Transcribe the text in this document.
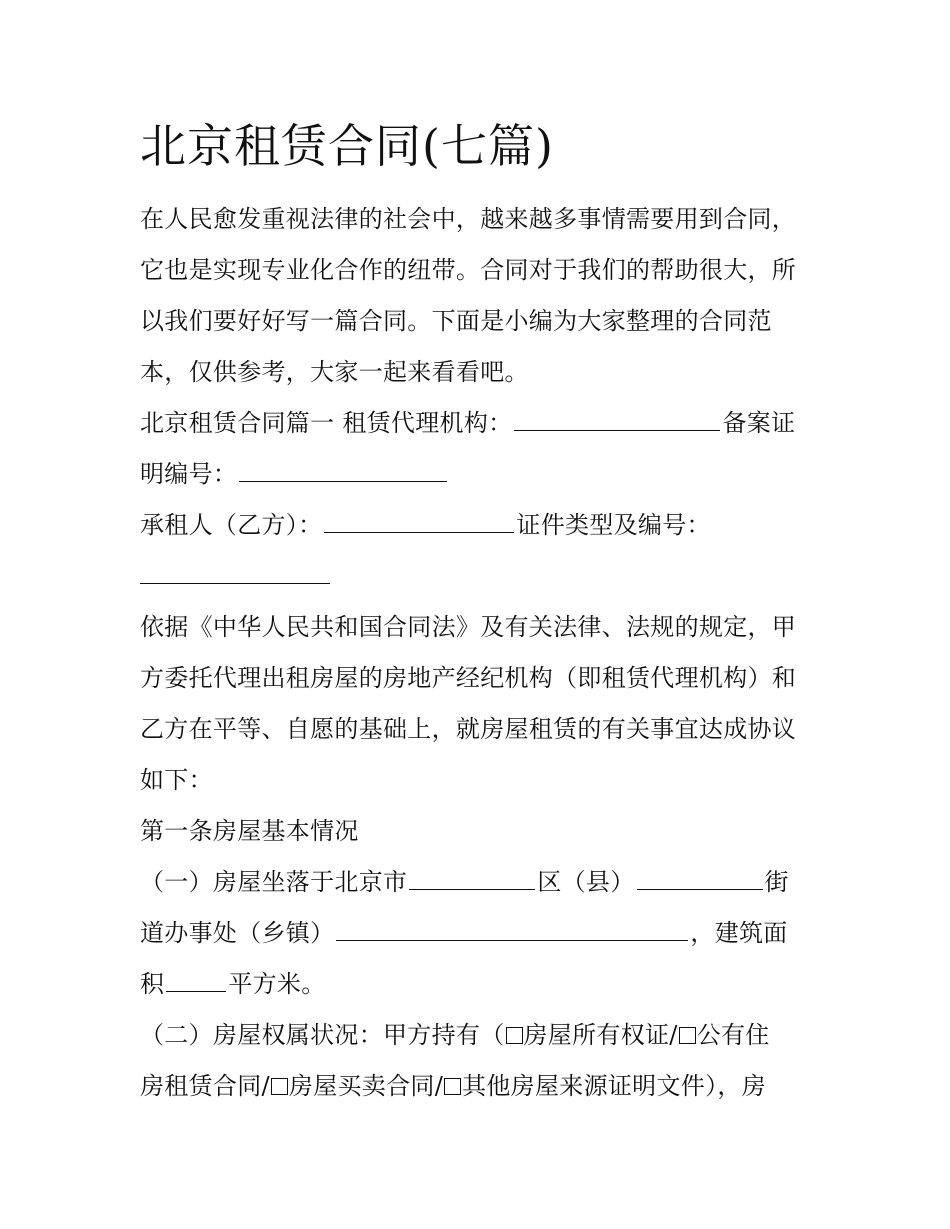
北京租赁合同(七篇)

在人民愈发重视法律的社会中，越来越多事情需要用到合同，

它也是实现专业化合作的纽带。合同对于我们的帮助很大，所

以我们要好好写一篇合同。下面是小编为大家整理的合同范

本，仅供参考，大家一起来看看吧。

北京租赁合同篇一 租赁代理机构：	备案证

明编号：

承租人（乙方）：	证件类型及编号：

依据《中华人民共和国合同法》及有关法律、法规的规定，甲

方委托代理出租房屋的房地产经纪机构（即租赁代理机构）和

乙方在平等、自愿的基础上，就房屋租赁的有关事宜达成协议

如下：

第一条房屋基本情况

（一）房屋坐落于北京市	区（县）	街

道办事处（乡镇）	，建筑面

积	平方米。

（二）房屋权属状况：甲方持有（ 房屋所有权证/ 公有住

房租赁合同/ 房屋买卖合同/ 其他房屋来源证明文件），房
